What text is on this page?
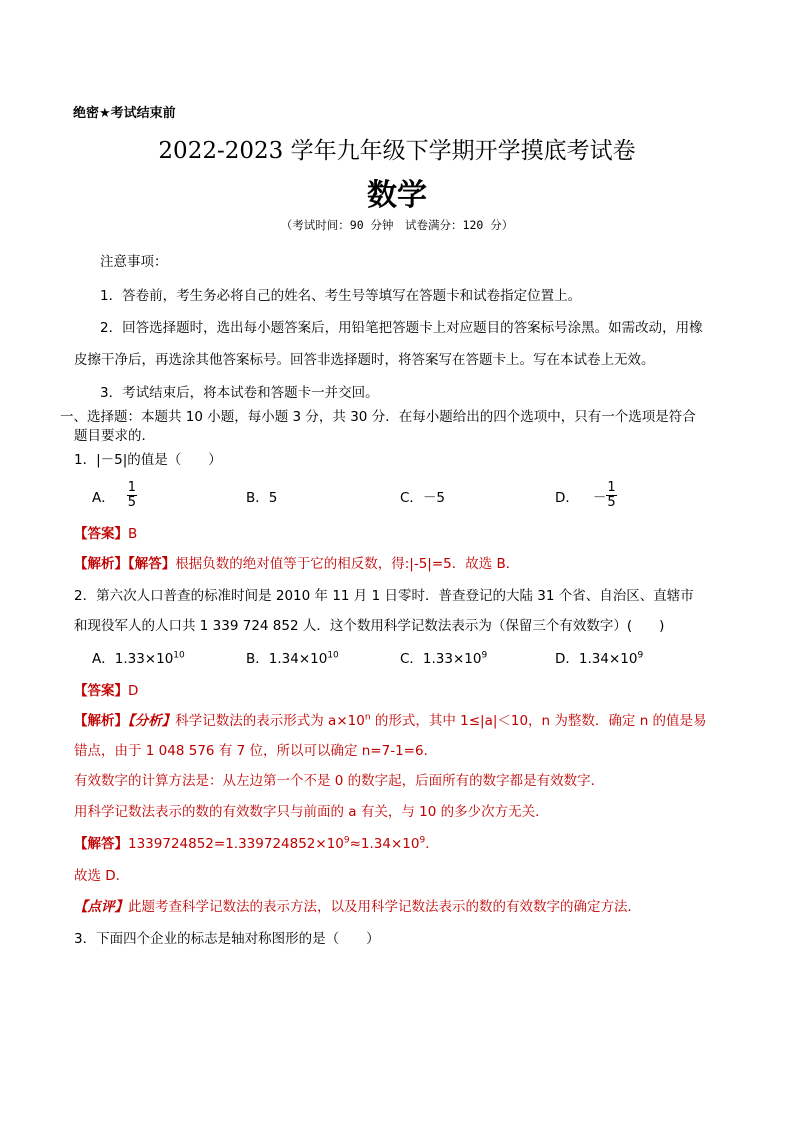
绝密★考试结束前
2022-2023 学年九年级下学期开学摸底考试卷
数学
（考试时间：90 分钟　试卷满分：120 分）
注意事项：
1．答卷前，考生务必将自己的姓名、考生号等填写在答题卡和试卷指定位置上。
2．回答选择题时，选出每小题答案后，用铅笔把答题卡上对应题目的答案标号涂黑。如需改动，用橡
皮擦干净后，再选涂其他答案标号。回答非选择题时，将答案写在答题卡上。写在本试卷上无效。
3．考试结束后，将本试卷和答题卡一并交回。
一、选择题：本题共 10 小题，每小题 3 分，共 30 分．在每小题给出的四个选项中，只有一个选项是符合
题目要求的．
1．|－5|的值是（　　）
A． $\frac{1}{5}$	B．5	C．－5	D． － $\frac{1}{5}$
【答案】B
【解析】【解答】根据负数的绝对值等于它的相反数，得:|-5|=5．故选 B．
2．第六次人口普查的标准时间是 2010 年 11 月 1 日零时．普查登记的大陆 31 个省、自治区、直辖市
和现役军人的人口共 1 339 724 852 人．这个数用科学记数法表示为（保留三个有效数字）(　　)
A．$1.33\times 10^{10}$	B．$1.34\times 10^{10}$	C．$1.33\times 10^9$	D．$1.34\times 10^9$
【答案】D
【解析】【分析】科学记数法的表示形式为 $a\times 10^n$ 的形式，其中 1≤|a|＜10，n 为整数．确定 n 的值是易
错点，由于 1 048 576 有 7 位，所以可以确定 n=7-1=6．
有效数字的计算方法是：从左边第一个不是 0 的数字起，后面所有的数字都是有效数字．
用科学记数法表示的数的有效数字只与前面的 a 有关，与 10 的多少次方无关．
【解答】$1339724852=1.339724852\times 10^9\approx 1.34\times 10^9$．
故选 D．
【点评】此题考查科学记数法的表示方法，以及用科学记数法表示的数的有效数字的确定方法．
3．下面四个企业的标志是轴对称图形的是（　　）
